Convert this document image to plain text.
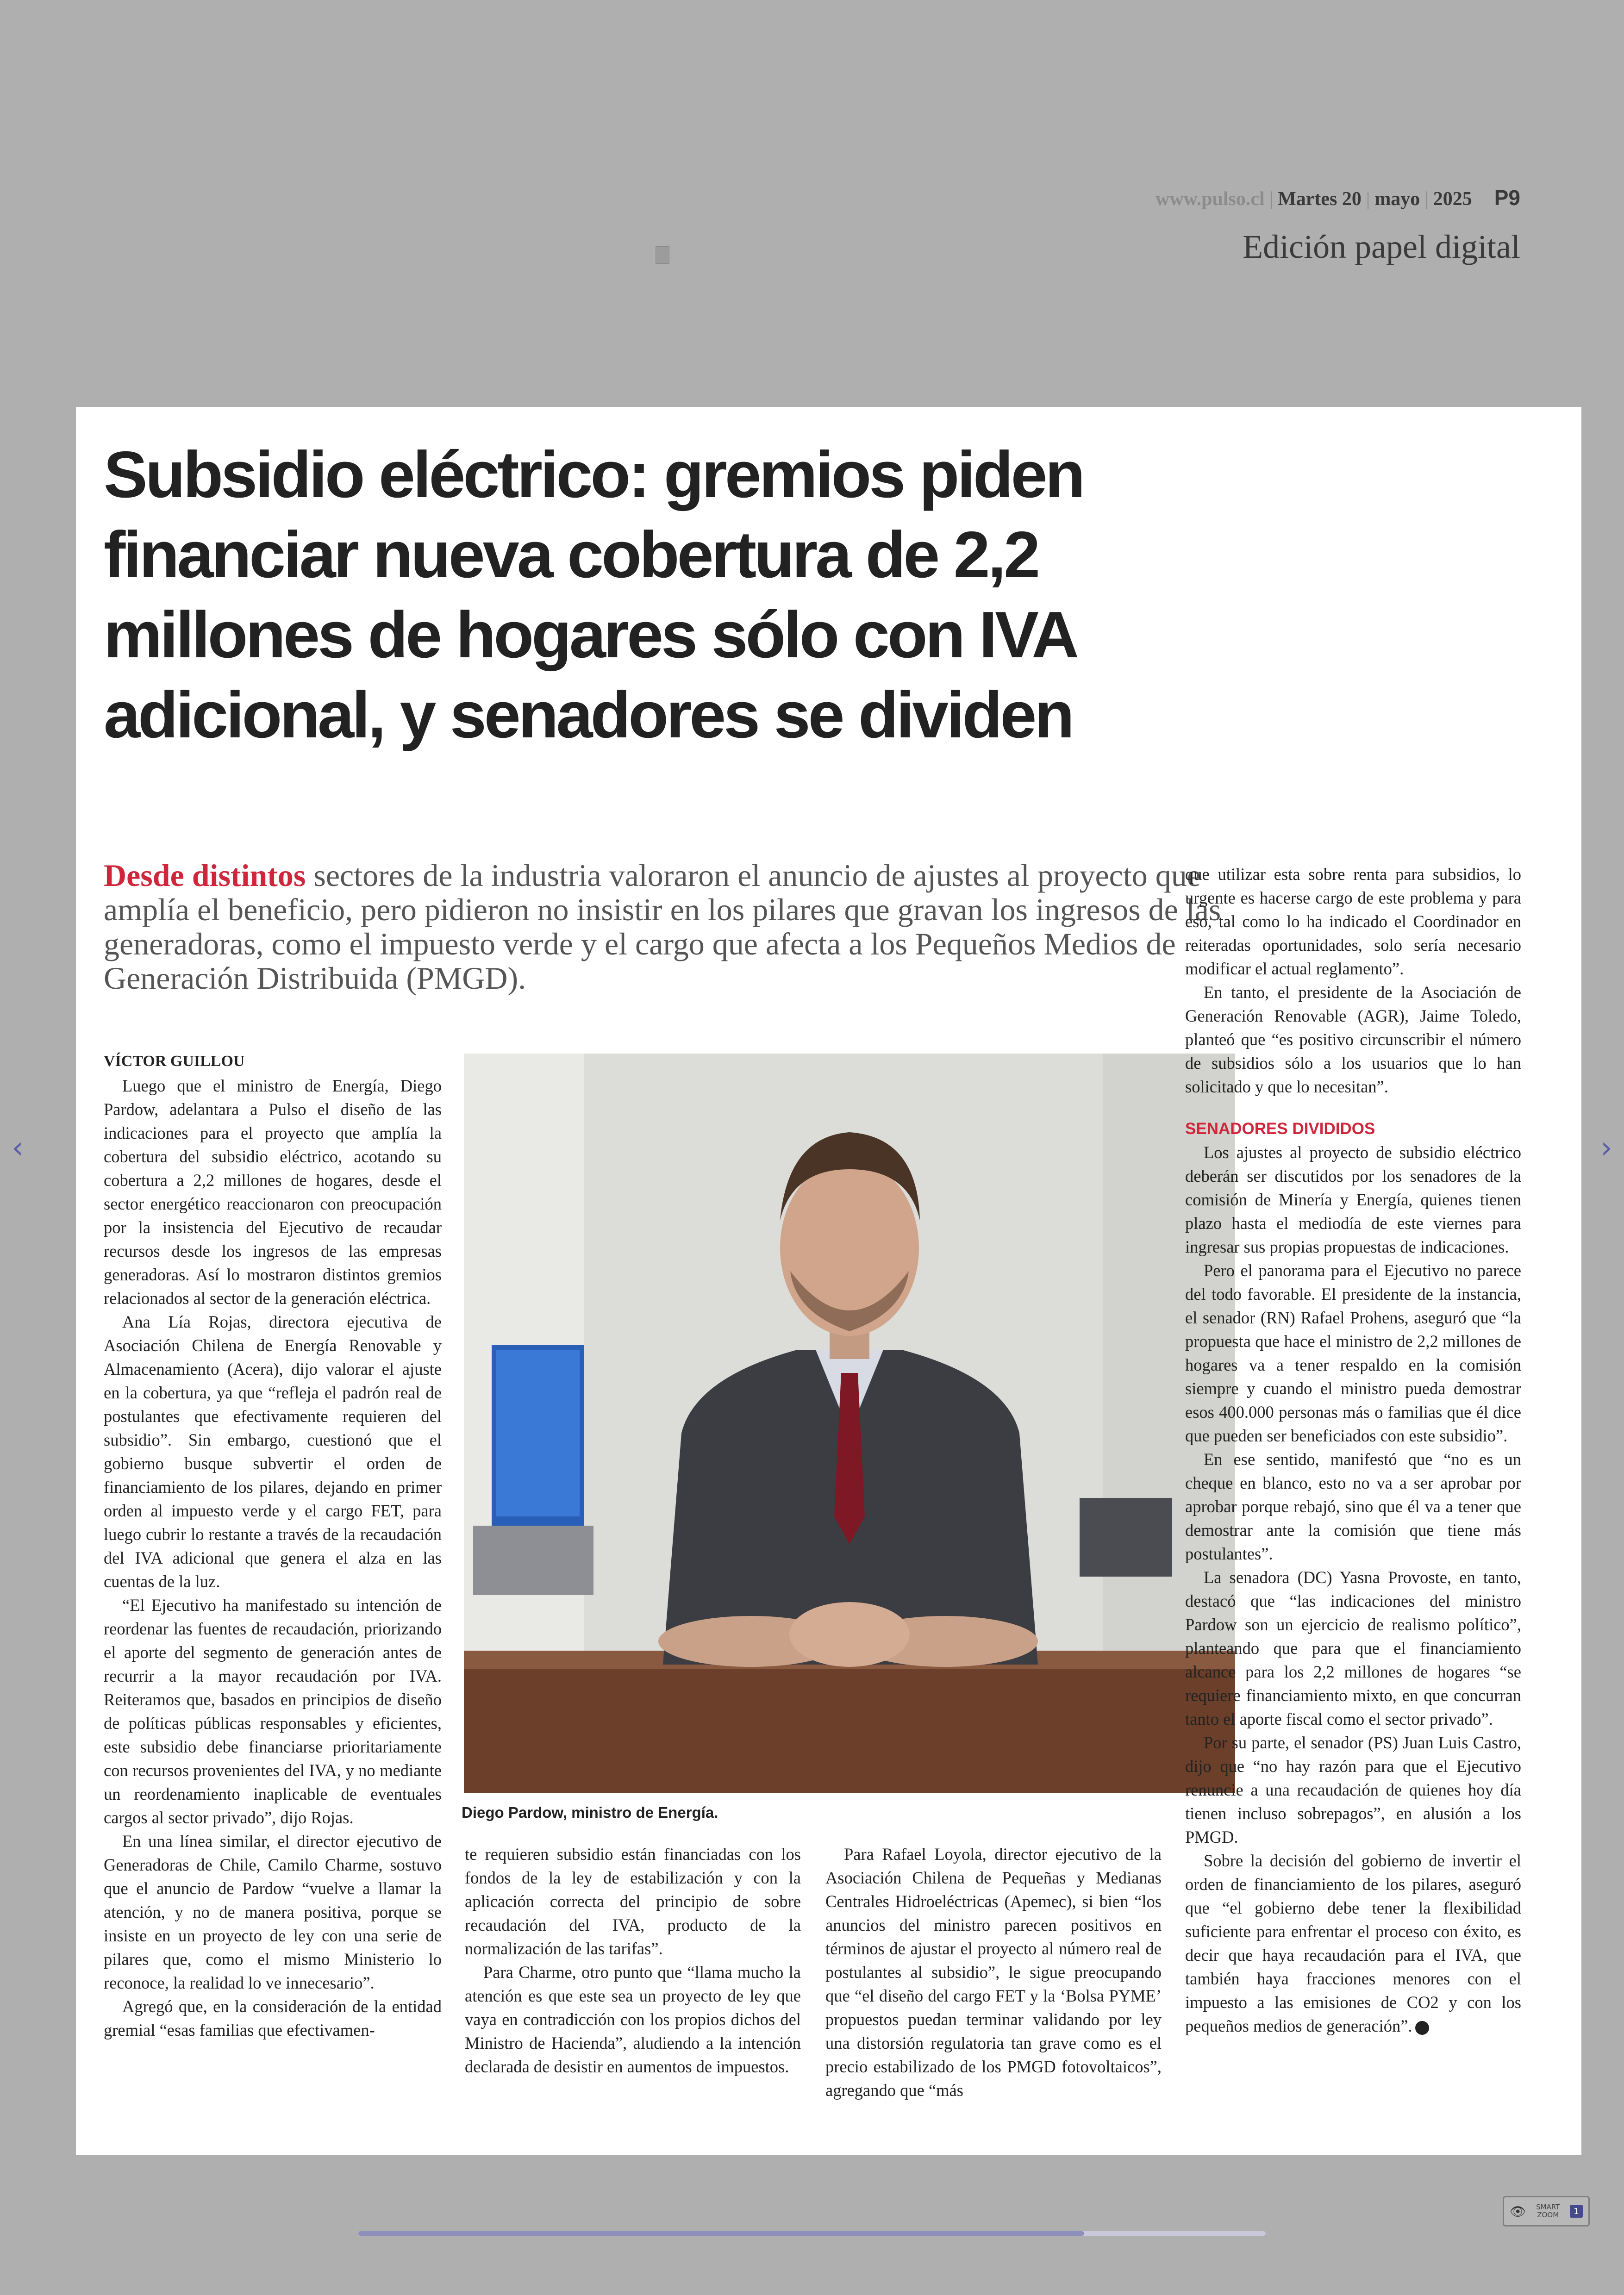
www.pulso.cl | Martes 20 | mayo | 2025 P9
Edición papel digital
‹	›
Subsidio eléctrico: gremios piden financiar nueva cobertura de 2,2 millones de hogares sólo con IVA adicional, y senadores se dividen
Desde distintos sectores de la industria valoraron el anuncio de ajustes al proyecto que amplía el beneficio, pero pidieron no insistir en los pilares que gravan los ingresos de las generadoras, como el impuesto verde y el cargo que afecta a los Pequeños Medios de Generación Distribuida (PMGD).
VÍCTOR GUILLOU

Luego que el ministro de Energía, Diego Pardow, adelantara a Pulso el diseño de las indicaciones para el proyecto que amplía la cobertura del subsidio eléctrico, acotando su cobertura a 2,2 millones de hogares, desde el sector energético reaccionaron con preocupación por la insistencia del Ejecutivo de recaudar recursos desde los ingresos de las empresas generadoras. Así lo mostraron distintos gremios relacionados al sector de la generación eléctrica.

Ana Lía Rojas, directora ejecutiva de Asociación Chilena de Energía Renovable y Almacenamiento (Acera), dijo valorar el ajuste en la cobertura, ya que “refleja el padrón real de postulantes que efectivamente requieren del subsidio”. Sin embargo, cuestionó que el gobierno busque subvertir el orden de financiamiento de los pilares, dejando en primer orden al impuesto verde y el cargo FET, para luego cubrir lo restante a través de la recaudación del IVA adicional que genera el alza en las cuentas de la luz.

“El Ejecutivo ha manifestado su intención de reordenar las fuentes de recaudación, priorizando el aporte del segmento de generación antes de recurrir a la mayor recaudación por IVA. Reiteramos que, basados en principios de diseño de políticas públicas responsables y eficientes, este subsidio debe financiarse prioritariamente con recursos provenientes del IVA, y no mediante un reordenamiento inaplicable de eventuales cargos al sector privado”, dijo Rojas.

En una línea similar, el director ejecutivo de Generadoras de Chile, Camilo Charme, sostuvo que el anuncio de Pardow “vuelve a llamar la atención, y no de manera positiva, porque se insiste en un proyecto de ley con una serie de pilares que, como el mismo Ministerio lo reconoce, la realidad lo ve innecesario”.

Agregó que, en la consideración de la entidad gremial “esas familias que efectivamen-

Diego Pardow, ministro de Energía.

te requieren subsidio están financiadas con los fondos de la ley de estabilización y con la aplicación correcta del principio de sobre recaudación del IVA, producto de la normalización de las tarifas”.

Para Charme, otro punto que “llama mucho la atención es que este sea un proyecto de ley que vaya en contradicción con los propios dichos del Ministro de Hacienda”, aludiendo a la intención declarada de desistir en aumentos de impuestos.

Para Rafael Loyola, director ejecutivo de la Asociación Chilena de Pequeñas y Medianas Centrales Hidroeléctricas (Apemec), si bien “los anuncios del ministro parecen positivos en términos de ajustar el proyecto al número real de postulantes al subsidio”, le sigue preocupando que “el diseño del cargo FET y la ‘Bolsa PYME’ propuestos puedan terminar validando por ley una distorsión regulatoria tan grave como es el precio estabilizado de los PMGD fotovoltaicos”, agregando que “más

que utilizar esta sobre renta para subsidios, lo urgente es hacerse cargo de este problema y para eso, tal como lo ha indicado el Coordinador en reiteradas oportunidades, solo sería necesario modificar el actual reglamento”.

En tanto, el presidente de la Asociación de Generación Renovable (AGR), Jaime Toledo, planteó que “es positivo circunscribir el número de subsidios sólo a los usuarios que lo han solicitado y que lo necesitan”.

SENADORES DIVIDIDOS

Los ajustes al proyecto de subsidio eléctrico deberán ser discutidos por los senadores de la comisión de Minería y Energía, quienes tienen plazo hasta el mediodía de este viernes para ingresar sus propias propuestas de indicaciones.

Pero el panorama para el Ejecutivo no parece del todo favorable. El presidente de la instancia, el senador (RN) Rafael Prohens, aseguró que “la propuesta que hace el ministro de 2,2 millones de hogares va a tener respaldo en la comisión siempre y cuando el ministro pueda demostrar esos 400.000 personas más o familias que él dice que pueden ser beneficiados con este subsidio”.

En ese sentido, manifestó que “no es un cheque en blanco, esto no va a ser aprobar por aprobar porque rebajó, sino que él va a tener que demostrar ante la comisión que tiene más postulantes”.

La senadora (DC) Yasna Provoste, en tanto, destacó que “las indicaciones del ministro Pardow son un ejercicio de realismo político”, planteando que para que el financiamiento alcance para los 2,2 millones de hogares “se requiere financiamiento mixto, en que concurran tanto el aporte fiscal como el sector privado”.

Por su parte, el senador (PS) Juan Luis Castro, dijo que “no hay razón para que el Ejecutivo renuncie a una recaudación de quienes hoy día tienen incluso sobrepagos”, en alusión a los PMGD.

Sobre la decisión del gobierno de invertir el orden de financiamiento de los pilares, aseguró que “el gobierno debe tener la flexibilidad suficiente para enfrentar el proceso con éxito, es decir que haya recaudación para el IVA, que también haya fracciones menores con el impuesto a las emisiones de CO2 y con los pequeños medios de generación”.

👁 SMART
ZOOM	1
